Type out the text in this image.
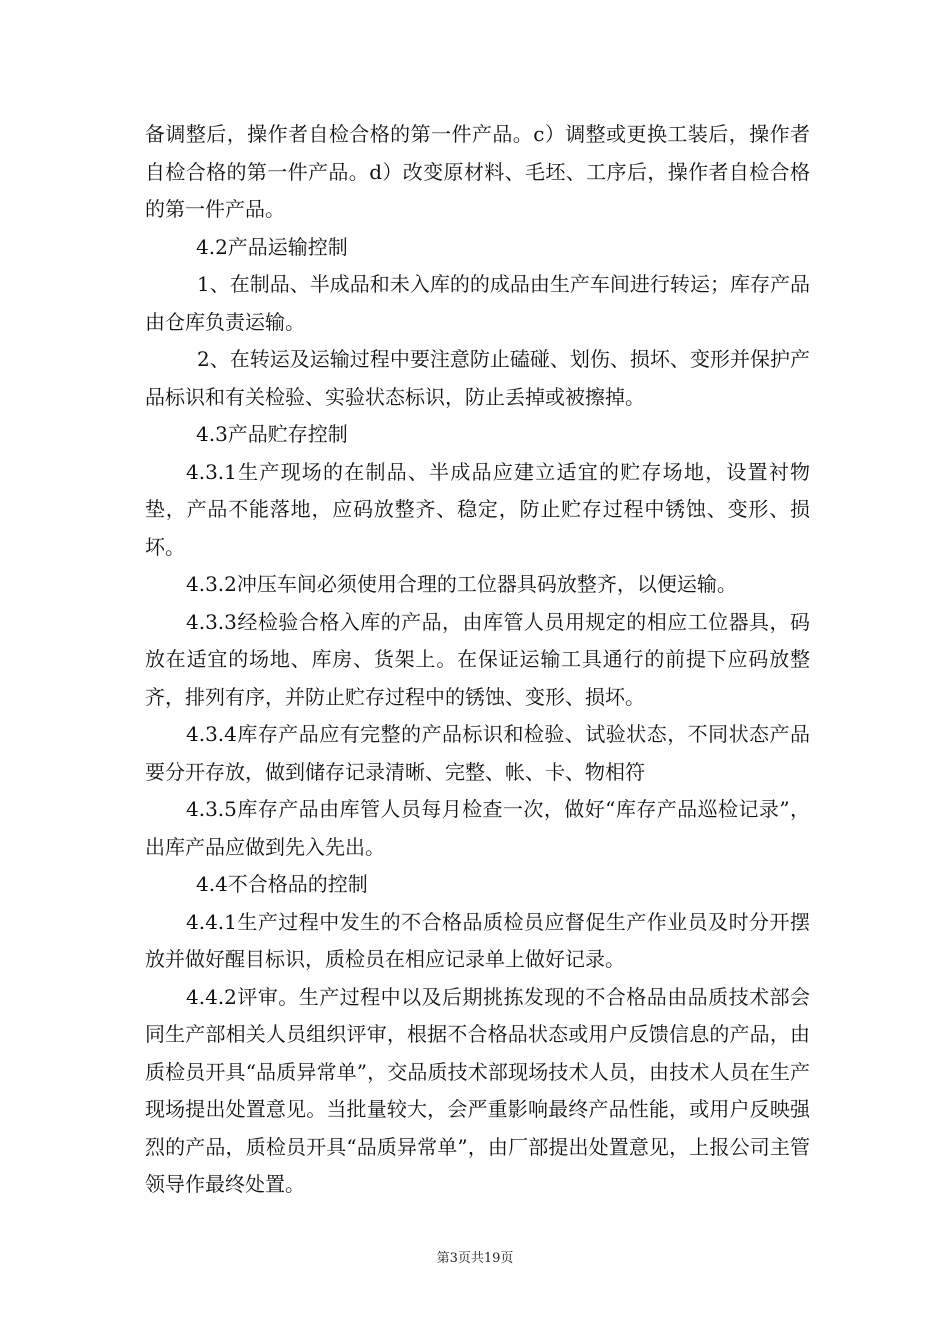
备调整后，操作者自检合格的第一件产品。c）调整或更换工装后，操作者自检合格的第一件产品。d）改变原材料、毛坯、工序后，操作者自检合格的第一件产品。

4.2产品运输控制

1、在制品、半成品和未入库的的成品由生产车间进行转运；库存产品由仓库负责运输。

2、在转运及运输过程中要注意防止磕碰、划伤、损坏、变形并保护产品标识和有关检验、实验状态标识，防止丢掉或被擦掉。

4.3产品贮存控制

4.3.1生产现场的在制品、半成品应建立适宜的贮存场地，设置衬物垫，产品不能落地，应码放整齐、稳定，防止贮存过程中锈蚀、变形、损坏。

4.3.2冲压车间必须使用合理的工位器具码放整齐，以便运输。

4.3.3经检验合格入库的产品，由库管人员用规定的相应工位器具，码放在适宜的场地、库房、货架上。在保证运输工具通行的前提下应码放整齐，排列有序，并防止贮存过程中的锈蚀、变形、损坏。

4.3.4库存产品应有完整的产品标识和检验、试验状态，不同状态产品要分开存放，做到储存记录清晰、完整、帐、卡、物相符

4.3.5库存产品由库管人员每月检查一次，做好“库存产品巡检记录”，出库产品应做到先入先出。

4.4不合格品的控制

4.4.1生产过程中发生的不合格品质检员应督促生产作业员及时分开摆放并做好醒目标识，质检员在相应记录单上做好记录。

4.4.2评审。生产过程中以及后期挑拣发现的不合格品由品质技术部会同生产部相关人员组织评审，根据不合格品状态或用户反馈信息的产品，由质检员开具“品质异常单”，交品质技术部现场技术人员，由技术人员在生产现场提出处置意见。当批量较大，会严重影响最终产品性能，或用户反映强烈的产品，质检员开具“品质异常单”，由厂部提出处置意见，上报公司主管领导作最终处置。

第3页共19页
